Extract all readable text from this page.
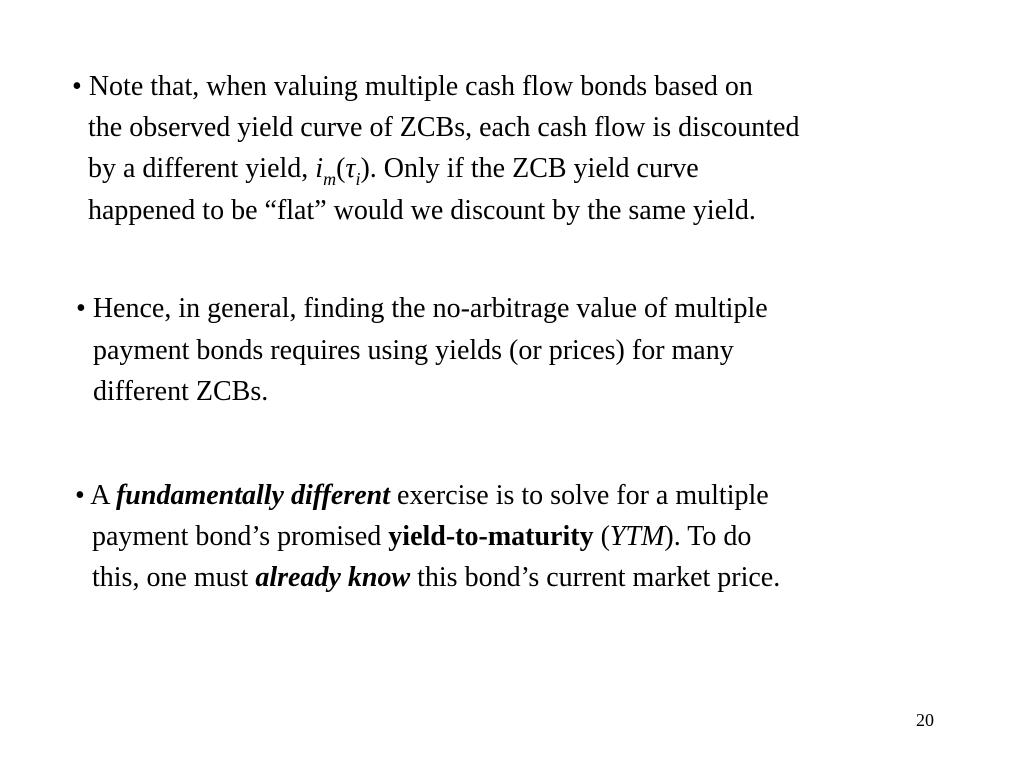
• Note that, when valuing multiple cash flow bonds based on
the observed yield curve of ZCBs, each cash flow is discounted
by a different yield, $i_m(\tau_i)$. Only if the ZCB yield curve
happened to be “flat” would we discount by the same yield.
• Hence, in general, finding the no-arbitrage value of multiple
payment bonds requires using yields (or prices) for many
different ZCBs.
• A fundamentally different exercise is to solve for a multiple
payment bond’s promised yield-to-maturity (YTM). To do
this, one must already know this bond’s current market price.
20
